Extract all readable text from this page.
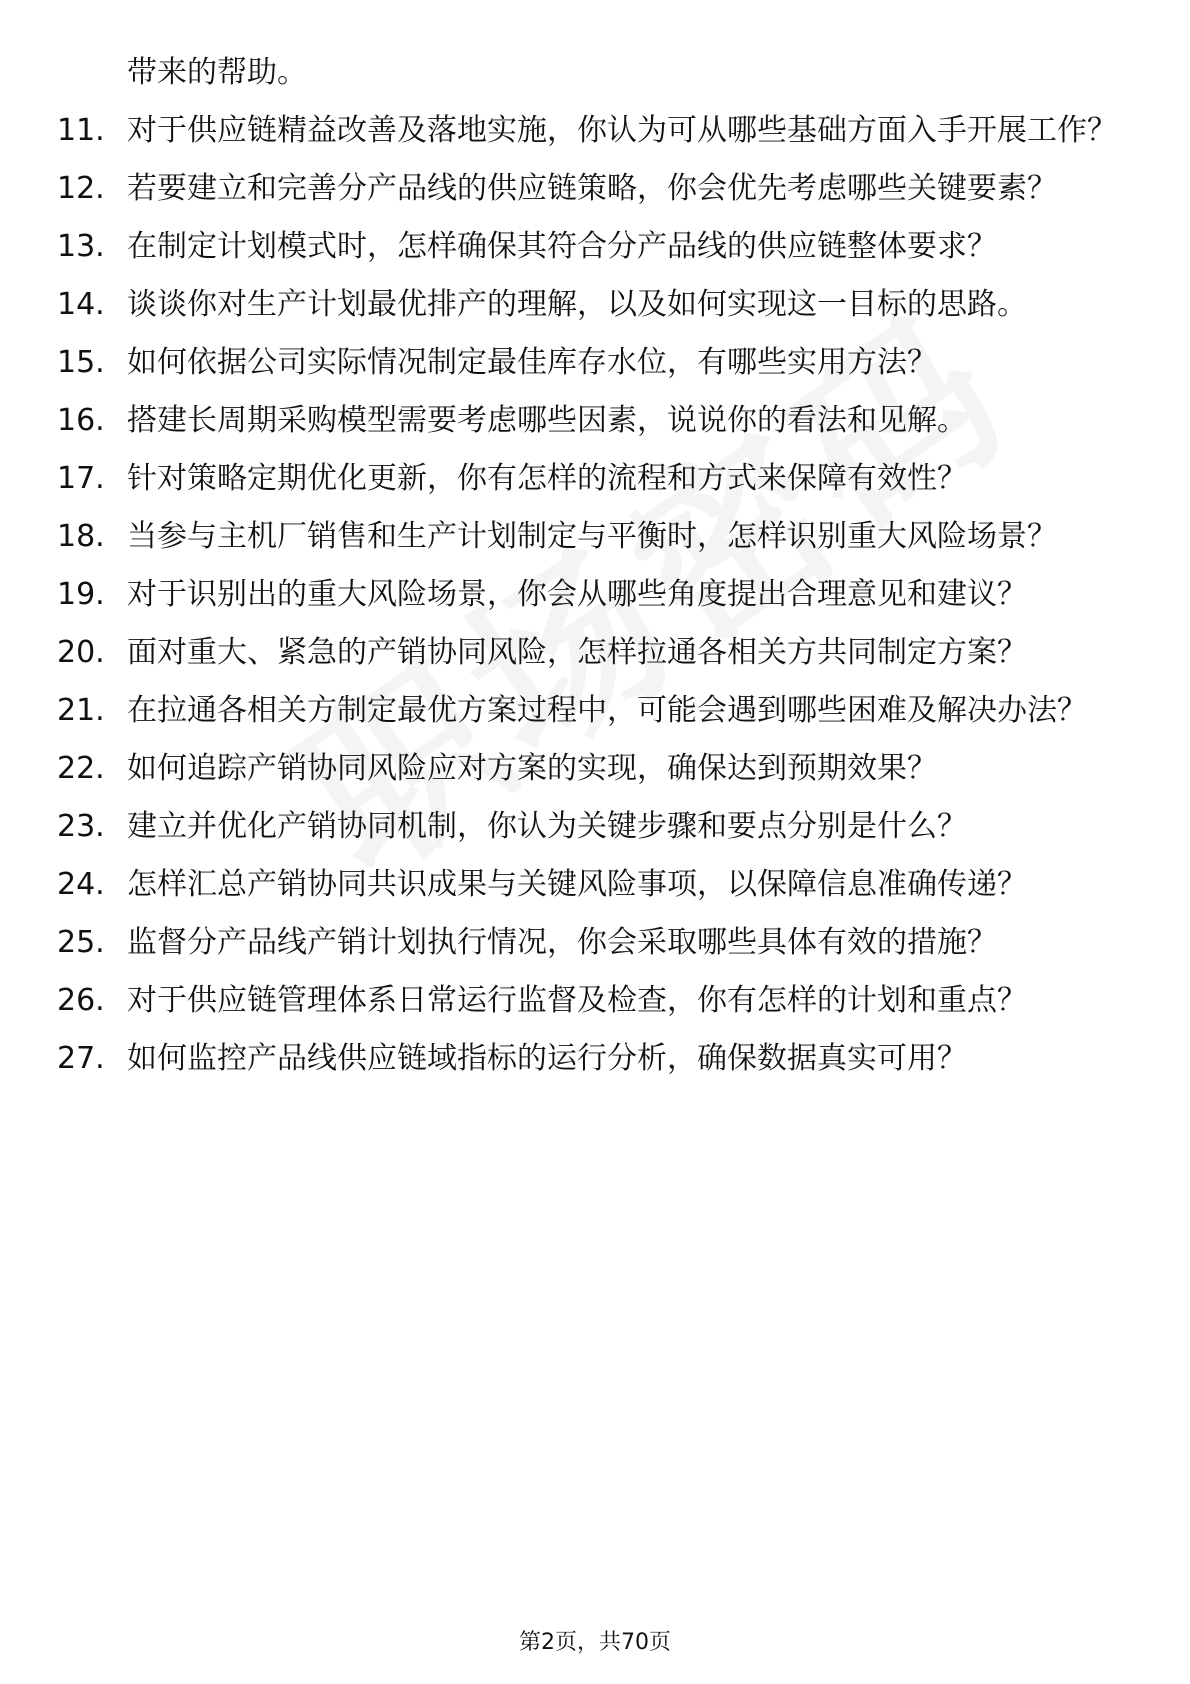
带来的帮助。
11. 对于供应链精益改善及落地实施，你认为可从哪些基础方面入手开展工作？
12. 若要建立和完善分产品线的供应链策略，你会优先考虑哪些关键要素？
13. 在制定计划模式时，怎样确保其符合分产品线的供应链整体要求？
14. 谈谈你对生产计划最优排产的理解，以及如何实现这一目标的思路。
15. 如何依据公司实际情况制定最佳库存水位，有哪些实用方法？
16. 搭建长周期采购模型需要考虑哪些因素，说说你的看法和见解。
17. 针对策略定期优化更新，你有怎样的流程和方式来保障有效性？
18. 当参与主机厂销售和生产计划制定与平衡时，怎样识别重大风险场景？
19. 对于识别出的重大风险场景，你会从哪些角度提出合理意见和建议？
20. 面对重大、紧急的产销协同风险，怎样拉通各相关方共同制定方案？
21. 在拉通各相关方制定最优方案过程中，可能会遇到哪些困难及解决办法？
22. 如何追踪产销协同风险应对方案的实现，确保达到预期效果？
23. 建立并优化产销协同机制，你认为关键步骤和要点分别是什么？
24. 怎样汇总产销协同共识成果与关键风险事项，以保障信息准确传递？
25. 监督分产品线产销计划执行情况，你会采取哪些具体有效的措施？
26. 对于供应链管理体系日常运行监督及检查，你有怎样的计划和重点？
27. 如何监控产品线供应链域指标的运行分析，确保数据真实可用？
第2页，共70页
